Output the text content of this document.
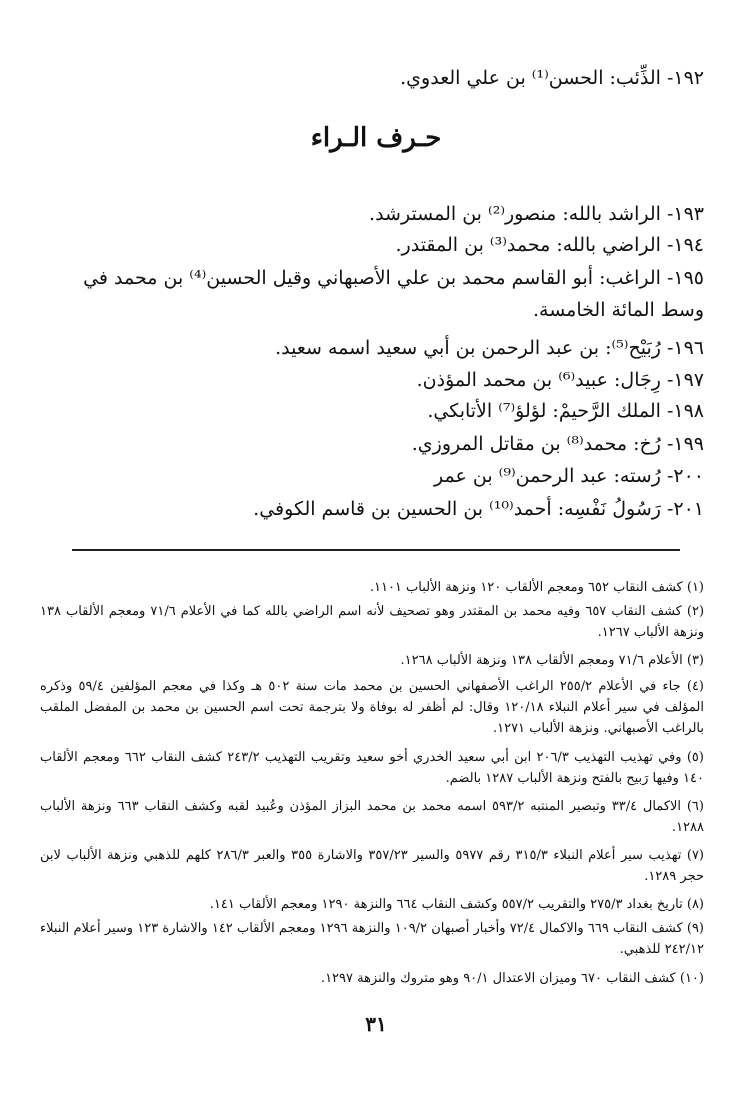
١٩٢- الذِّئب: الحسن⁽¹⁾ بن علي العدوي.
حـرف الـراء
١٩٣- الراشد بالله: منصور⁽²⁾ بن المسترشد.
١٩٤- الراضي بالله: محمد⁽³⁾ بن المقتدر.
١٩٥- الراغب: أبو القاسم محمد بن علي الأصبهاني وقيل الحسين⁽⁴⁾ بن محمد في وسط المائة الخامسة.
١٩٦- رُبَيْح⁽⁵⁾: بن عبد الرحمن بن أبي سعيد اسمه سعيد.
١٩٧- رِجَال: عبيد⁽⁶⁾ بن محمد المؤذن.
١٩٨- الملك الرَّحيمْ: لؤلؤ⁽⁷⁾ الأتابكي.
١٩٩- رُخ: محمد⁽⁸⁾ بن مقاتل المروزي.
٢٠٠- رُسته: عبد الرحمن⁽⁹⁾ بن عمر
٢٠١- رَسُولُ نَفْسِه: أحمد⁽¹⁰⁾ بن الحسين بن قاسم الكوفي.
(١) كشف النقاب ٦٥٢ ومعجم الألقاب ١٢٠ ونزهة الألباب ١١٠١.
(٢) كشف النقاب ٦٥٧ وفيه محمد بن المقتدر وهو تصحيف لأنه اسم الراضي بالله كما في الأعلام ٧١/٦ ومعجم الألقاب ١٣٨ ونزهة الألباب ١٢٦٧.
(٣) الأعلام ٧١/٦ ومعجم الألقاب ١٣٨ ونزهة الألباب ١٢٦٨.
(٤) جاء في الأعلام ٢٥٥/٢ الراغب الأصفهاني الحسين بن محمد مات سنة ٥٠٢ هـ وكذا في معجم المؤلفين ٥٩/٤ وذكره المؤلف في سير أعلام النبلاء ١٢٠/١٨ وقال: لم أظفر له بوفاة ولا بترجمة تحت اسم الحسين بن محمد بن المفضل الملقب بالراغب الأصبهاني. ونزهة الألباب ١٢٧١.
(٥) وفي تهذيب التهذيب ٢٠٦/٣ ابن أبي سعيد الخدري أخو سعيد وتقريب التهذيب ٢٤٣/٢ كشف النقاب ٦٦٢ ومعجم الألقاب ١٤٠ وفيها رَبيح بالفتح ونزهة الألباب ١٢٨٧ بالضم.
(٦) الاكمال ٣٣/٤ وتبصير المنتبه ٥٩٣/٢ اسمه محمد بن محمد البزاز المؤذن وعُبيد لقبه وكشف النقاب ٦٦٣ ونزهة الألباب ١٢٨٨.
(٧) تهذيب سير أعلام النبلاء ٣١٥/٣ رقم ٥٩٧٧ والسير ٣٥٧/٢٣ والاشارة ٣٥٥ والعبر ٢٨٦/٣ كلهم للذهبي ونزهة الألباب لابن حجر ١٢٨٩.
(٨) تاريخ بغداد ٢٧٥/٣ والتقريب ٥٥٧/٢ وكشف النقاب ٦٦٤ والنزهة ١٢٩٠ ومعجم الألقاب ١٤١.
(٩) كشف النقاب ٦٦٩ والاكمال ٧٢/٤ وأخبار أصبهان ١٠٩/٢ والنزهة ١٢٩٦ ومعجم الألقاب ١٤٢ والاشارة ١٢٣ وسير أعلام النبلاء ٢٤٢/١٢ للذهبي.
(١٠) كشف النقاب ٦٧٠ وميزان الاعتدال ٩٠/١ وهو متروك والنزهة ١٢٩٧.
٣١
